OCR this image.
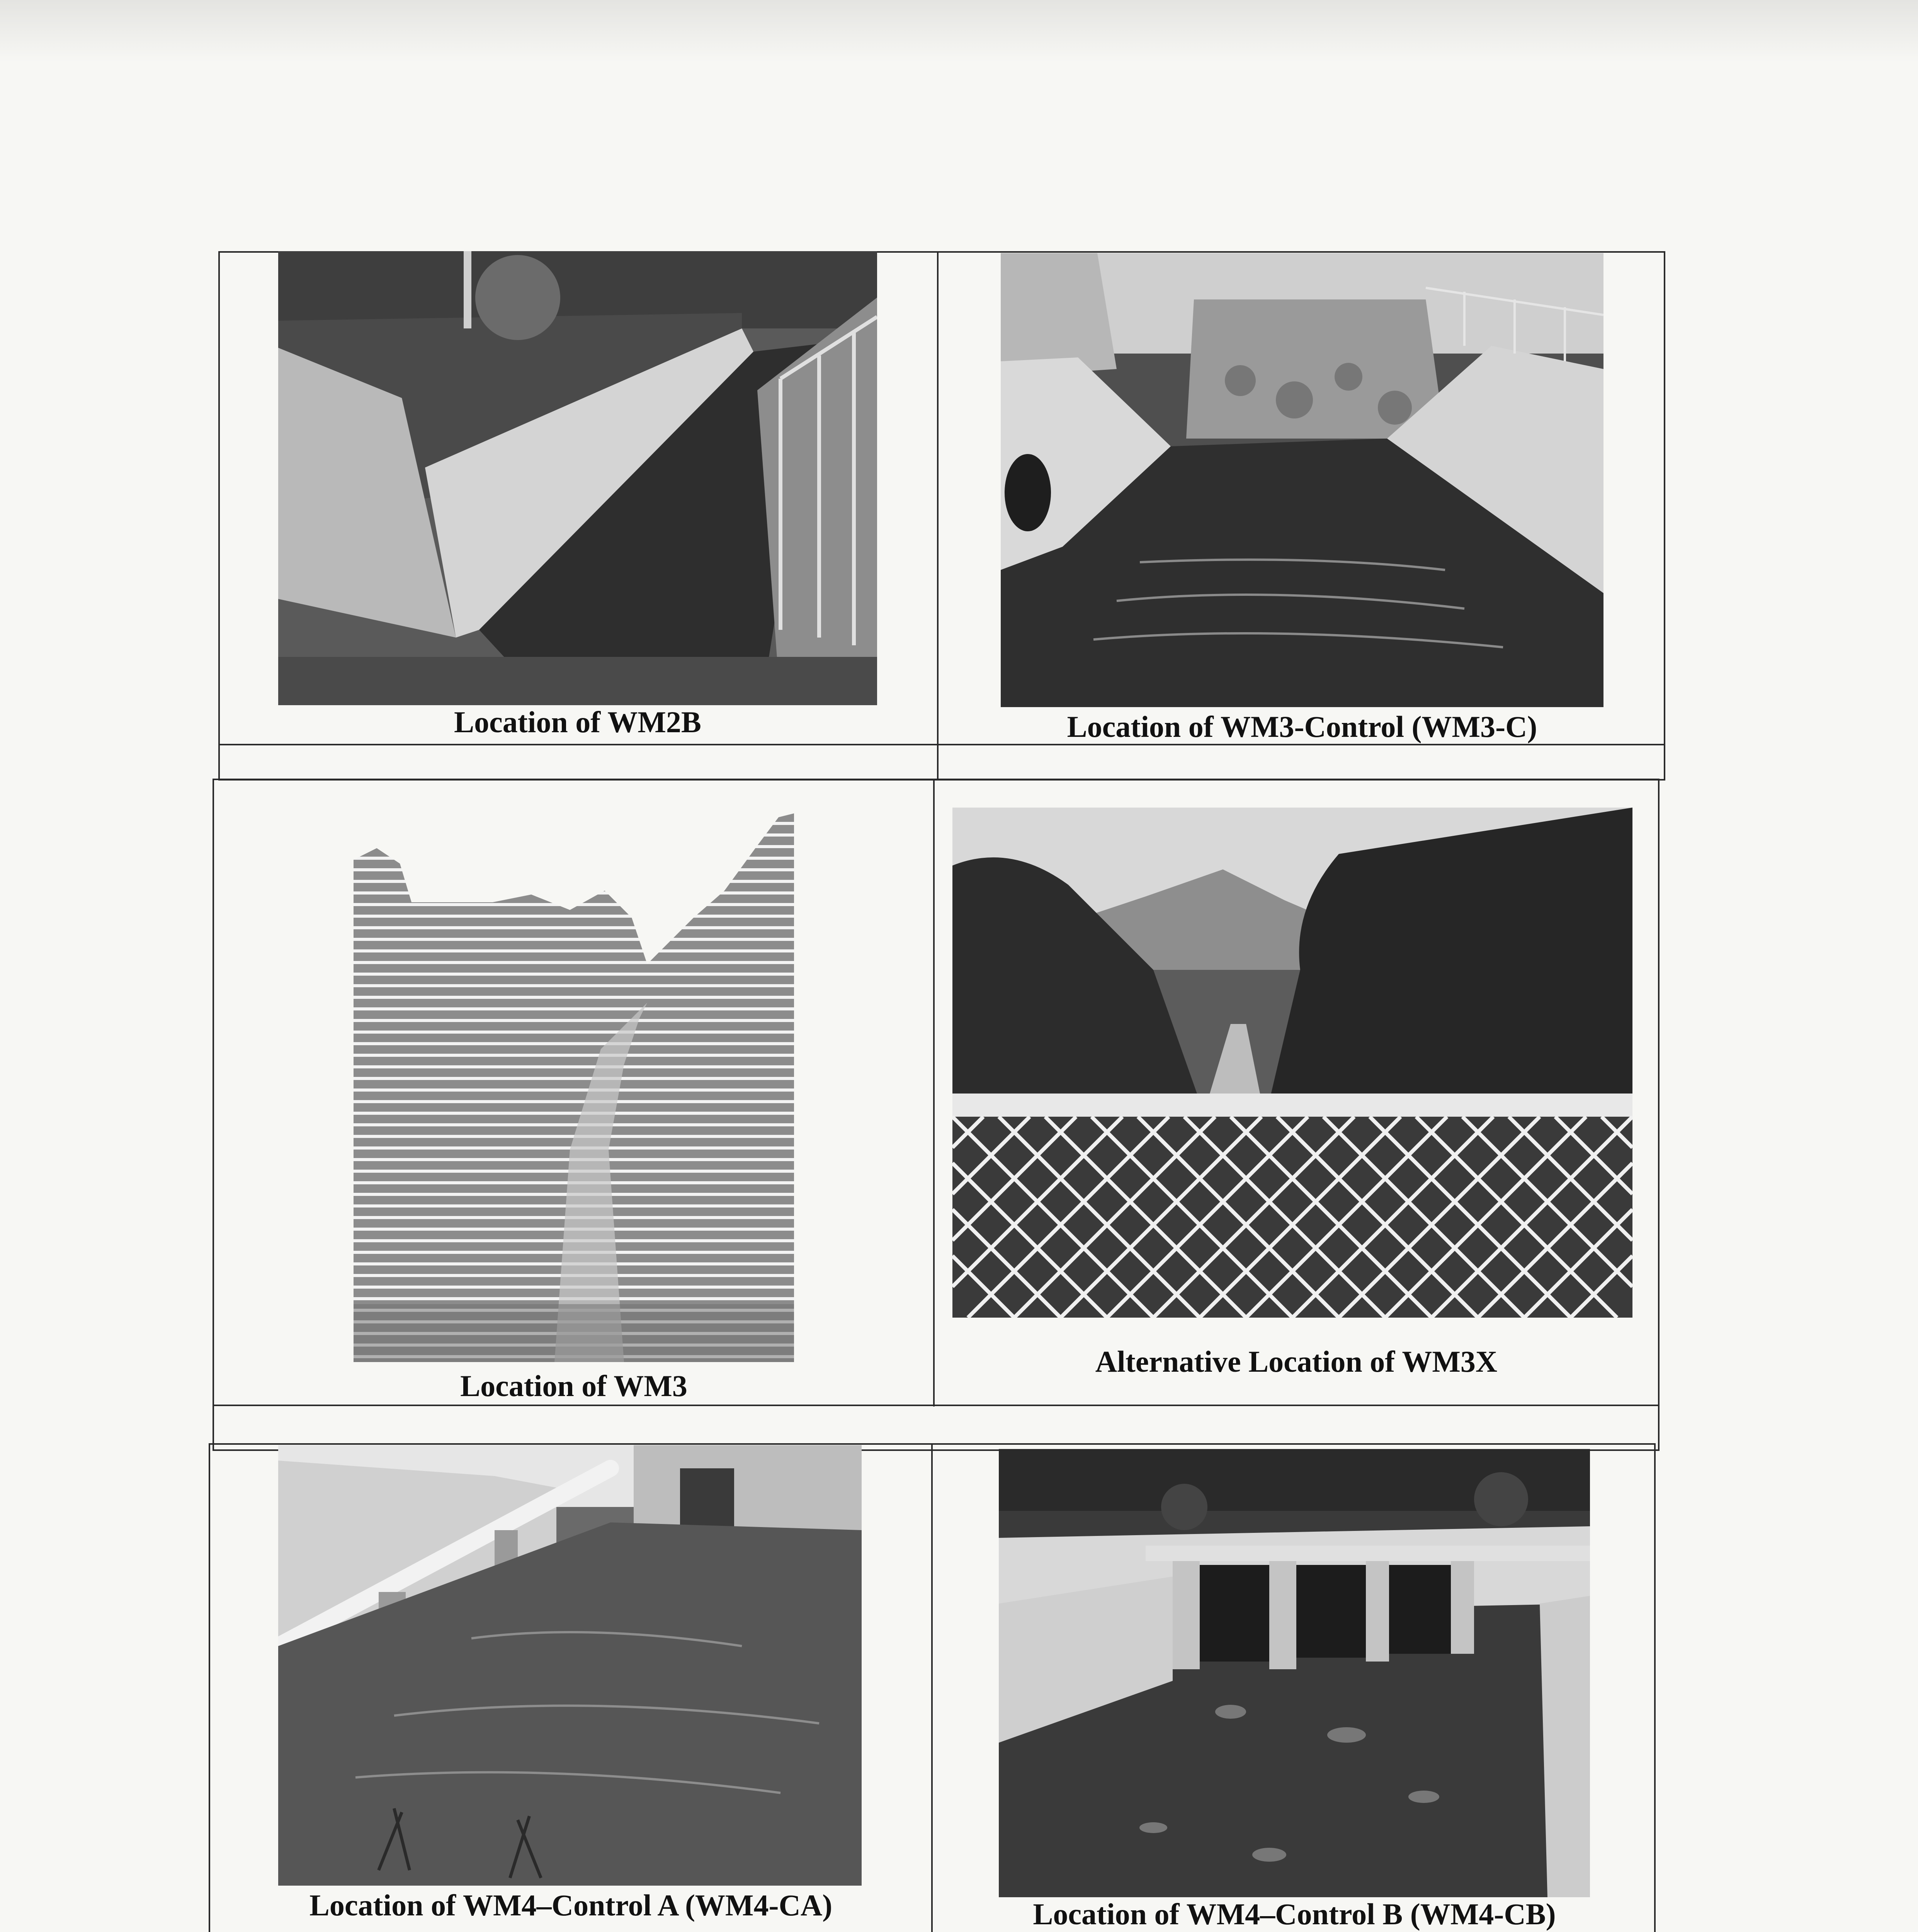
Location of WM2B	Location of WM3-Control (WM3-C)
Location of WM3
Alternative Location of WM3X
Location of WM4–Control A (WM4-CA)	Location of WM4–Control B (WM4-CB)
